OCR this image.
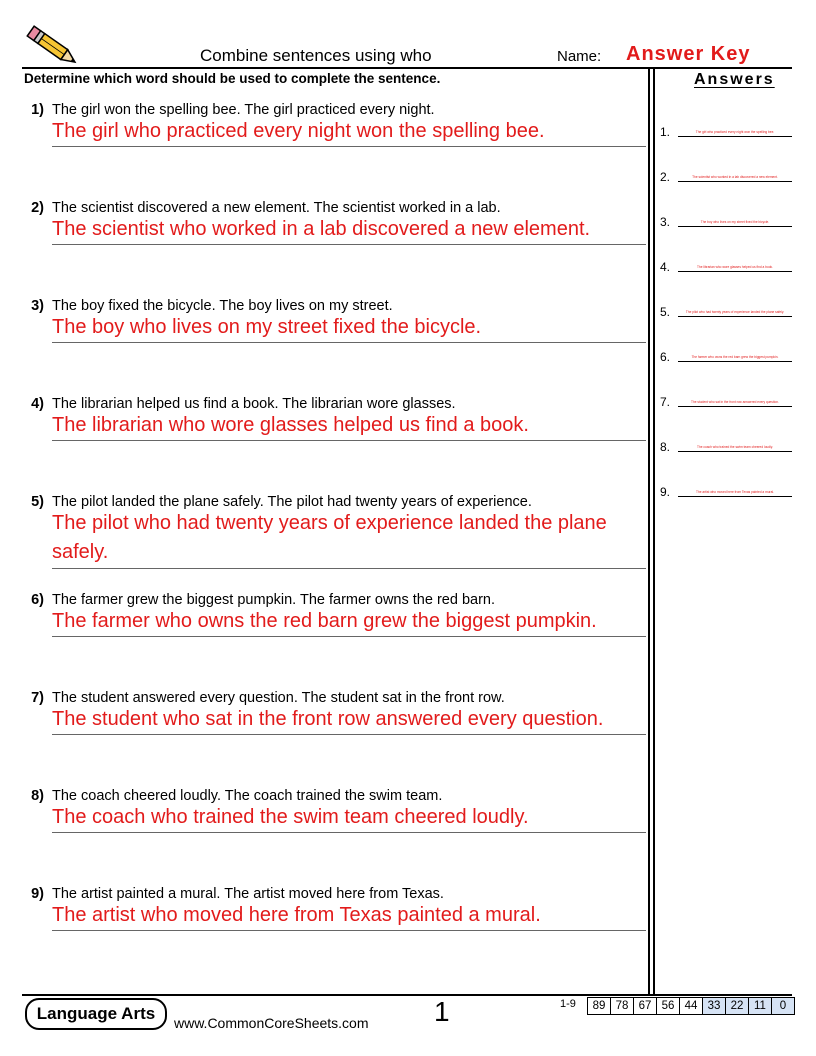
Combine sentences using who	Name: Answer Key
Determine which word should be used to complete the sentence.	Answers
1) The girl won the spelling bee. The girl practiced every night.
The girl who practiced every night won the spelling bee.
2) The scientist discovered a new element. The scientist worked in a lab.
The scientist who worked in a lab discovered a new element.
3) The boy fixed the bicycle. The boy lives on my street.
The boy who lives on my street fixed the bicycle.
4) The librarian helped us find a book. The librarian wore glasses.
The librarian who wore glasses helped us find a book.
5) The pilot landed the plane safely. The pilot had twenty years of experience.
The pilot who had twenty years of experience landed the plane safely.
6) The farmer grew the biggest pumpkin. The farmer owns the red barn.
The farmer who owns the red barn grew the biggest pumpkin.
7) The student answered every question. The student sat in the front row.
The student who sat in the front row answered every question.
8) The coach cheered loudly. The coach trained the swim team.
The coach who trained the swim team cheered loudly.
9) The artist painted a mural. The artist moved here from Texas.
The artist who moved here from Texas painted a mural.
1.	The girl who practiced every night won the spelling bee.
2.	The scientist who worked in a lab discovered a new element.
3.	The boy who lives on my street fixed the bicycle.
4.	The librarian who wore glasses helped us find a book.
5.	The pilot who had twenty years of experience landed the plane safely.
6.	The farmer who owns the red barn grew the biggest pumpkin.
7.	The student who sat in the front row answered every question.
8.	The coach who trained the swim team cheered loudly.
9.	The artist who moved here from Texas painted a mural.
Language Arts	www.CommonCoreSheets.com 1	1-9	89 78 67 56 44 33 22 11	0
